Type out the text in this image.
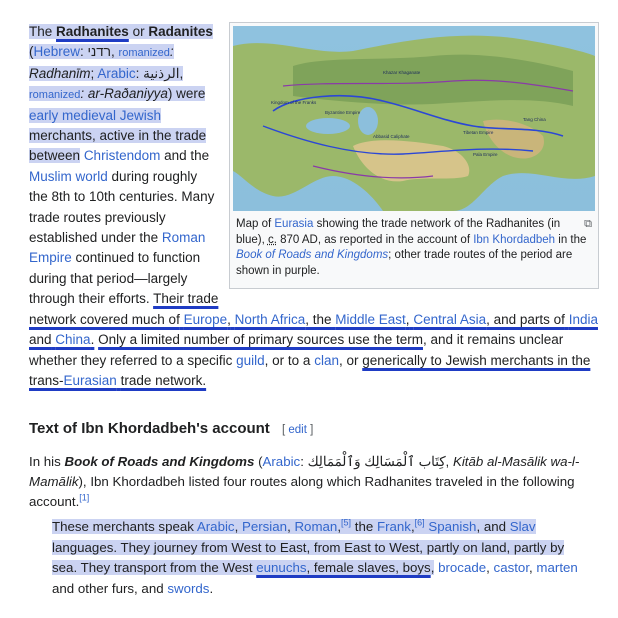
Khazar Khaganate
Kingdom of the Franks
Byzantine Empire
Abbasid Caliphate
Tang China
Tibetan Empire
Pala Empire
⧉
Map of Eurasia showing the trade network of the Radhanites (in blue), c. 870 AD, as reported in the account of Ibn Khordadbeh in the Book of Roads and Kingdoms; other trade routes of the period are shown in purple.
The Radhanites or Radanites (Hebrew: רדני, romanized: Radhanīm; Arabic: الرذنية, romanized: ar-Raðaniyya) were early medieval Jewish merchants, active in the trade between Christendom and the Muslim world during roughly the 8th to 10th centuries. Many trade routes previously established under the Roman Empire continued to function during that period—largely through their efforts. Their trade network covered much of Europe, North Africa, the Middle East, Central Asia, and parts of India and China. Only a limited number of primary sources use the term, and it remains unclear whether they referred to a specific guild, or to a clan, or generically to Jewish merchants in the trans-Eurasian trade network.
Text of Ibn Khordadbeh's account [ edit ]
In his Book of Roads and Kingdoms (Arabic: كِتَاب ٱلْمَسَالِك وَٱلْمَمَالِك, Kitāb al-Masālik wa-l-Mamālik), Ibn Khordadbeh listed four routes along which Radhanites traveled in the following account.[1]
These merchants speak Arabic, Persian, Roman,[5] the Frank,[6] Spanish, and Slav languages. They journey from West to East, from East to West, partly on land, partly by sea. They transport from the West eunuchs, female slaves, boys, brocade, castor, marten and other furs, and swords.
